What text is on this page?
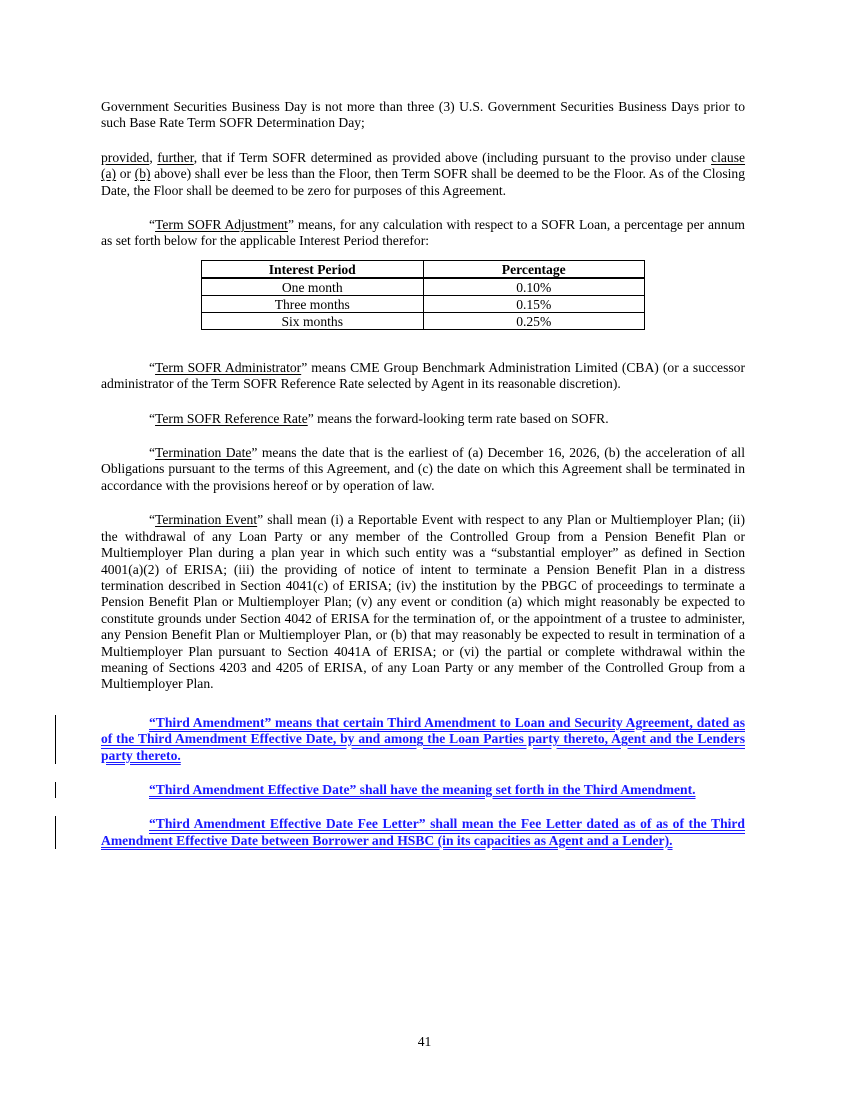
Government Securities Business Day is not more than three (3) U.S. Government Securities Business Days prior to such Base Rate Term SOFR Determination Day;

provided, further, that if Term SOFR determined as provided above (including pursuant to the proviso under clause (a) or (b) above) shall ever be less than the Floor, then Term SOFR shall be deemed to be the Floor. As of the Closing Date, the Floor shall be deemed to be zero for purposes of this Agreement.

“Term SOFR Adjustment” means, for any calculation with respect to a SOFR Loan, a percentage per annum as set forth below for the applicable Interest Period therefor:

Interest Period	Percentage
One month	0.10%
Three months	0.15%
Six months	0.25%

“Term SOFR Administrator” means CME Group Benchmark Administration Limited (CBA) (or a successor administrator of the Term SOFR Reference Rate selected by Agent in its reasonable discretion).

“Term SOFR Reference Rate” means the forward-looking term rate based on SOFR.

“Termination Date” means the date that is the earliest of (a) December 16, 2026, (b) the acceleration of all Obligations pursuant to the terms of this Agreement, and (c) the date on which this Agreement shall be terminated in accordance with the provisions hereof or by operation of law.

“Termination Event” shall mean (i) a Reportable Event with respect to any Plan or Multiemployer Plan; (ii) the withdrawal of any Loan Party or any member of the Controlled Group from a Pension Benefit Plan or Multiemployer Plan during a plan year in which such entity was a “substantial employer” as defined in Section 4001(a)(2) of ERISA; (iii) the providing of notice of intent to terminate a Pension Benefit Plan in a distress termination described in Section 4041(c) of ERISA; (iv) the institution by the PBGC of proceedings to terminate a Pension Benefit Plan or Multiemployer Plan; (v) any event or condition (a) which might reasonably be expected to constitute grounds under Section 4042 of ERISA for the termination of, or the appointment of a trustee to administer, any Pension Benefit Plan or Multiemployer Plan, or (b) that may reasonably be expected to result in termination of a Multiemployer Plan pursuant to Section 4041A of ERISA; or (vi) the partial or complete withdrawal within the meaning of Sections 4203 and 4205 of ERISA, of any Loan Party or any member of the Controlled Group from a Multiemployer Plan.

“Third Amendment” means that certain Third Amendment to Loan and Security Agreement, dated as of the Third Amendment Effective Date, by and among the Loan Parties party thereto, Agent and the Lenders party thereto.

“Third Amendment Effective Date” shall have the meaning set forth in the Third Amendment.

“Third Amendment Effective Date Fee Letter” shall mean the Fee Letter dated as of as of the Third Amendment Effective Date between Borrower and HSBC (in its capacities as Agent and a Lender).

41
